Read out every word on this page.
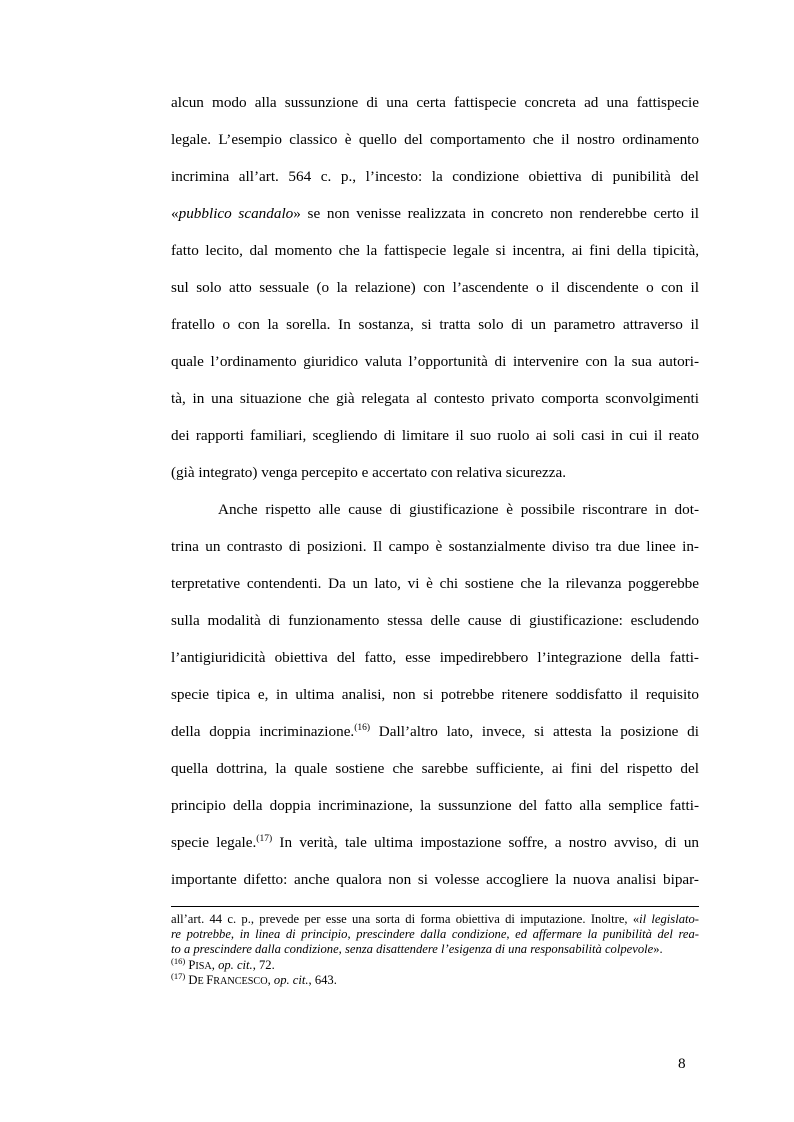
alcun modo alla sussunzione di una certa fattispecie concreta ad una fattispecie
legale. L’esempio classico è quello del comportamento che il nostro ordinamento
incrimina all’art. 564 c. p., l’incesto: la condizione obiettiva di punibilità del
«pubblico scandalo» se non venisse realizzata in concreto non renderebbe certo il
fatto lecito, dal momento che la fattispecie legale si incentra, ai fini della tipicità,
sul solo atto sessuale (o la relazione) con l’ascendente o il discendente o con il
fratello o con la sorella. In sostanza, si tratta solo di un parametro attraverso il
quale l’ordinamento giuridico valuta l’opportunità di intervenire con la sua autori-
tà, in una situazione che già relegata al contesto privato comporta sconvolgimenti
dei rapporti familiari, scegliendo di limitare il suo ruolo ai soli casi in cui il reato
(già integrato) venga percepito e accertato con relativa sicurezza.
Anche rispetto alle cause di giustificazione è possibile riscontrare in dot-
trina un contrasto di posizioni. Il campo è sostanzialmente diviso tra due linee in-
terpretative contendenti. Da un lato, vi è chi sostiene che la rilevanza poggerebbe
sulla modalità di funzionamento stessa delle cause di giustificazione: escludendo
l’antigiuridicità obiettiva del fatto, esse impedirebbero l’integrazione della fatti-
specie tipica e, in ultima analisi, non si potrebbe ritenere soddisfatto il requisito
della doppia incriminazione.$^{(16)}$ Dall’altro lato, invece, si attesta la posizione di
quella dottrina, la quale sostiene che sarebbe sufficiente, ai fini del rispetto del
principio della doppia incriminazione, la sussunzione del fatto alla semplice fatti-
specie legale.$^{(17)}$ In verità, tale ultima impostazione soffre, a nostro avviso, di un
importante difetto: anche qualora non si volesse accogliere la nuova analisi bipar-
all’art. 44 c. p., prevede per esse una sorta di forma obiettiva di imputazione. Inoltre, «il legislato-
re potrebbe, in linea di principio, prescindere dalla condizione, ed affermare la punibilità del rea-
to a prescindere dalla condizione, senza disattendere l’esigenza di una responsabilità colpevole».
$^{(16)}$ PISA, op. cit., 72.
$^{(17)}$ DE FRANCESCO, op. cit., 643.
8
